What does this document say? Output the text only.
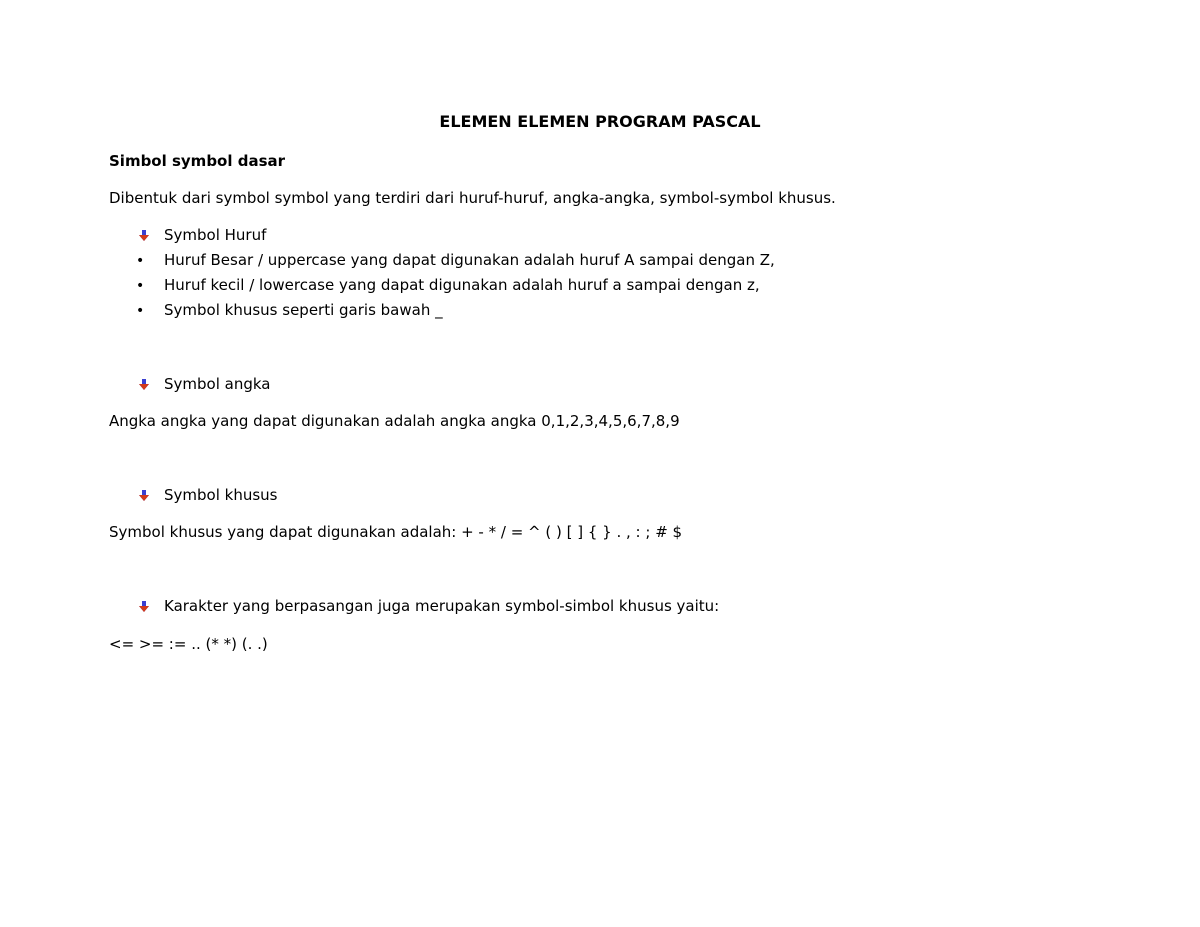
ELEMEN ELEMEN PROGRAM PASCAL
Simbol symbol dasar
Dibentuk dari symbol symbol yang terdiri dari huruf-huruf, angka-angka, symbol-symbol khusus.
Symbol Huruf
• Huruf Besar / uppercase yang dapat digunakan adalah huruf A sampai dengan Z,
• Huruf kecil / lowercase yang dapat digunakan adalah huruf a sampai dengan z,
• Symbol khusus seperti garis bawah _
Symbol angka
Angka angka yang dapat digunakan adalah angka angka 0,1,2,3,4,5,6,7,8,9
Symbol khusus
Symbol khusus yang dapat digunakan adalah: + - * / = ^ ( ) [ ] { } . , : ; # $
Karakter yang berpasangan juga merupakan symbol-simbol khusus yaitu:
<= >= := .. (* *) (. .)
